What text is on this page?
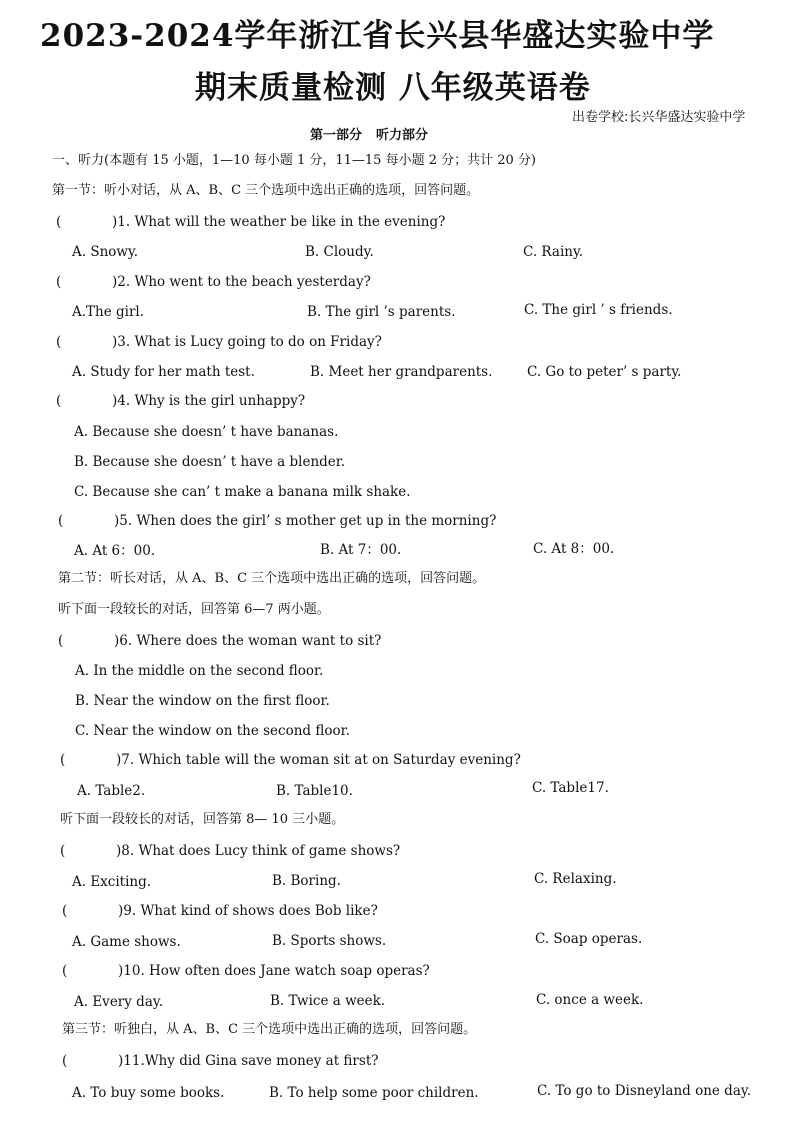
2023-2024学年浙江省长兴县华盛达实验中学
期末质量检测 八年级英语卷
出卷学校:长兴华盛达实验中学
第一部分 听力部分
一、听力(本题有 15 小题，1—10 每小题 1 分，11—15 每小题 2 分；共计 20 分)
第一节：听小对话，从 A、B、C 三个选项中选出正确的选项，回答问题。
(	)1. What will the weather be like in the evening?
A. Snowy.	B. Cloudy.	C. Rainy.
(	)2. Who went to the beach yesterday?
A.The girl.	B. The girl ’s parents.	C. The girl ’ s friends.
(	)3. What is Lucy going to do on Friday?
A. Study for her math test.	B. Meet her grandparents.	C. Go to peter’ s party.
(	)4. Why is the girl unhappy?
A. Because she doesn’ t have bananas.
B. Because she doesn’ t have a blender.
C. Because she can’ t make a banana milk shake.
(	)5. When does the girl’ s mother get up in the morning?
A. At 6：00.	B. At 7：00.	C. At 8：00.
第二节：听长对话，从 A、B、C 三个选项中选出正确的选项，回答问题。
听下面一段较长的对话，回答第 6—7 两小题。
(	)6. Where does the woman want to sit?
A. In the middle on the second floor.
B. Near the window on the first floor.
C. Near the window on the second floor.
(	)7. Which table will the woman sit at on Saturday evening?
A. Table2.	B. Table10.	C. Table17.
听下面一段较长的对话，回答第 8— 10 三小题。
(	)8. What does Lucy think of game shows?
A. Exciting.	B. Boring.	C. Relaxing.
(	)9. What kind of shows does Bob like?
A. Game shows.	B. Sports shows.	C. Soap operas.
(	)10. How often does Jane watch soap operas?
A. Every day.	B. Twice a week.	C. once a week.
第三节：听独白，从 A、B、C 三个选项中选出正确的选项，回答问题。
(	)11.Why did Gina save money at first?
A. To buy some books.	B. To help some poor children.	C. To go to Disneyland one day.
